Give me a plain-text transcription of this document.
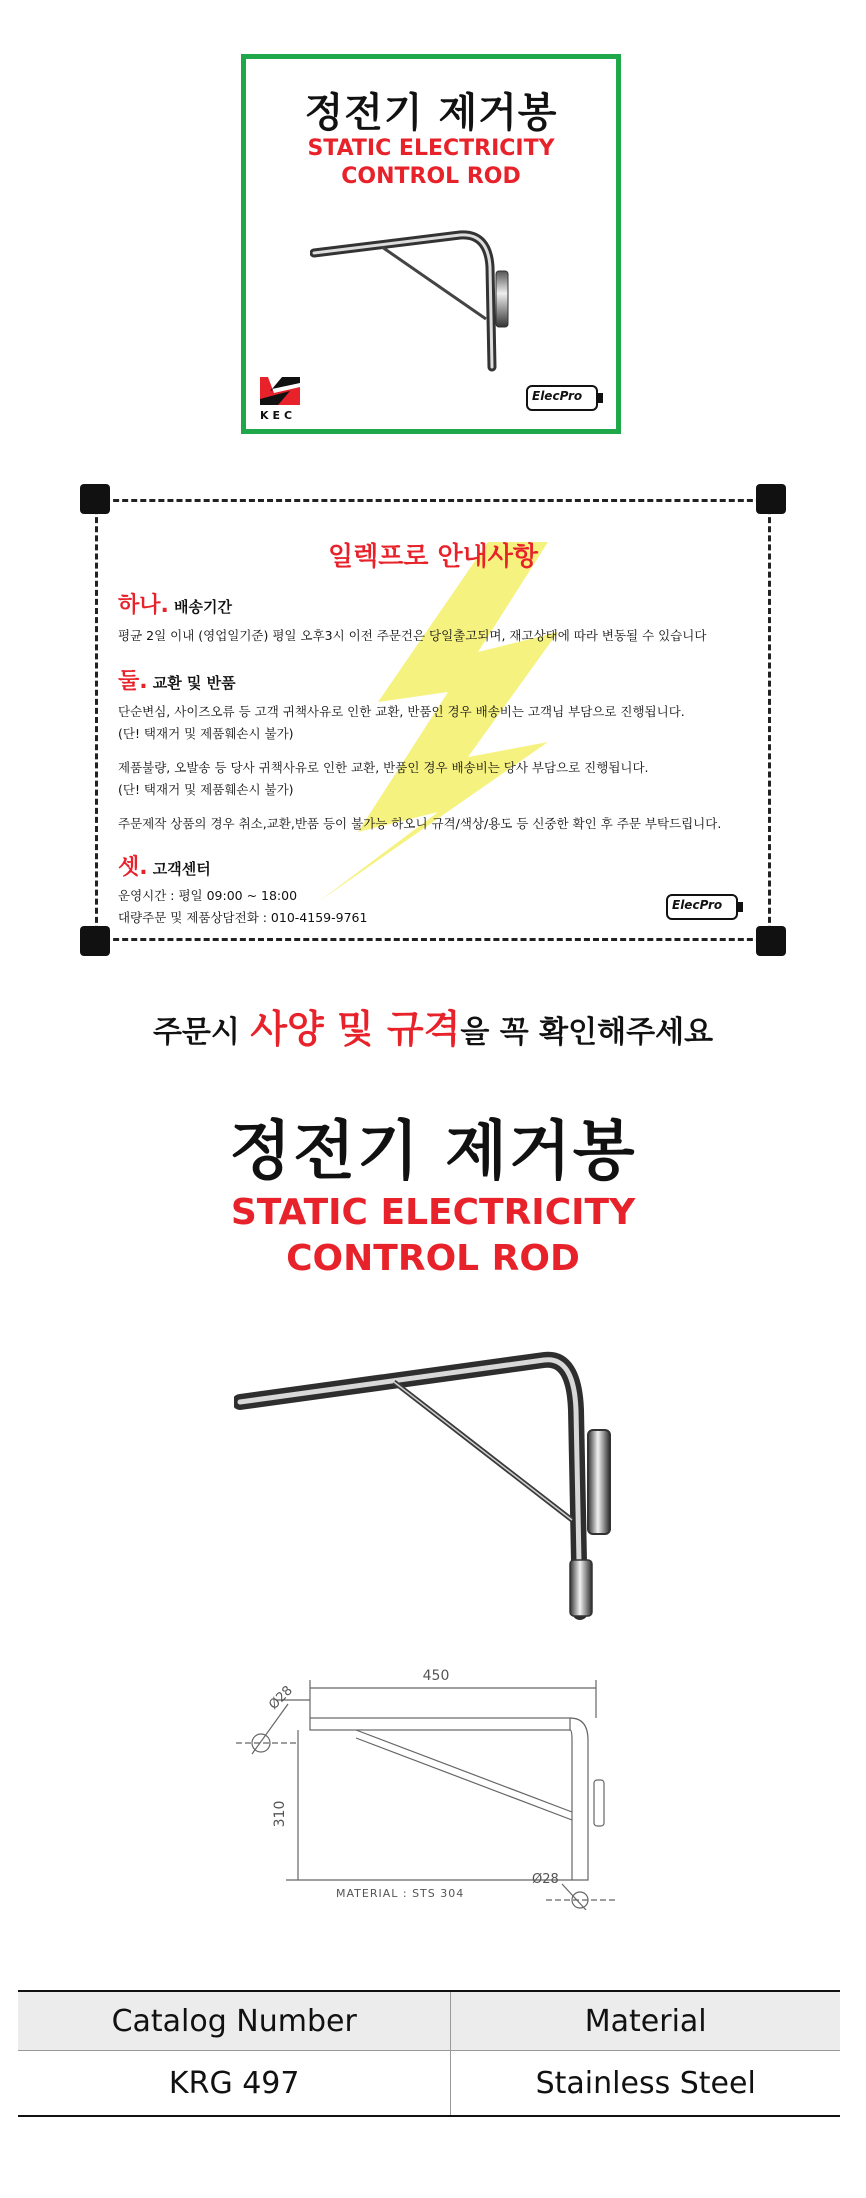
정전기 제거봉
STATIC ELECTRICITY
CONTROL ROD
KEC
ElecPro
일렉프로 안내사항
하나. 배송기간
평균 2일 이내 (영업일기준) 평일 오후3시 이전 주문건은 당일출고되며, 재고상태에 따라 변동될 수 있습니다
둘. 교환 및 반품
단순변심, 사이즈오류 등 고객 귀책사유로 인한 교환, 반품인 경우 배송비는 고객님 부담으로 진행됩니다.
(단! 택재거 및 제품훼손시 불가)
제품불량, 오발송 등 당사 귀책사유로 인한 교환, 반품인 경우 배송비는 당사 부담으로 진행됩니다.
(단! 택재거 및 제품훼손시 불가)
주문제작 상품의 경우 취소,교환,반품 등이 불가능 하오니 규격/색상/용도 등 신중한 확인 후 주문 부탁드립니다.
셋. 고객센터
운영시간 : 평일 09:00 ~ 18:00
대량주문 및 제품상담전화 : 010-4159-9761
ElecPro
주문시 사양 및 규격을 꼭 확인해주세요
정전기 제거봉
STATIC ELECTRICITY
CONTROL ROD
450
310
Ø28
Ø28
MATERIAL : STS 304
Catalog Number	Material
KRG 497	Stainless Steel
